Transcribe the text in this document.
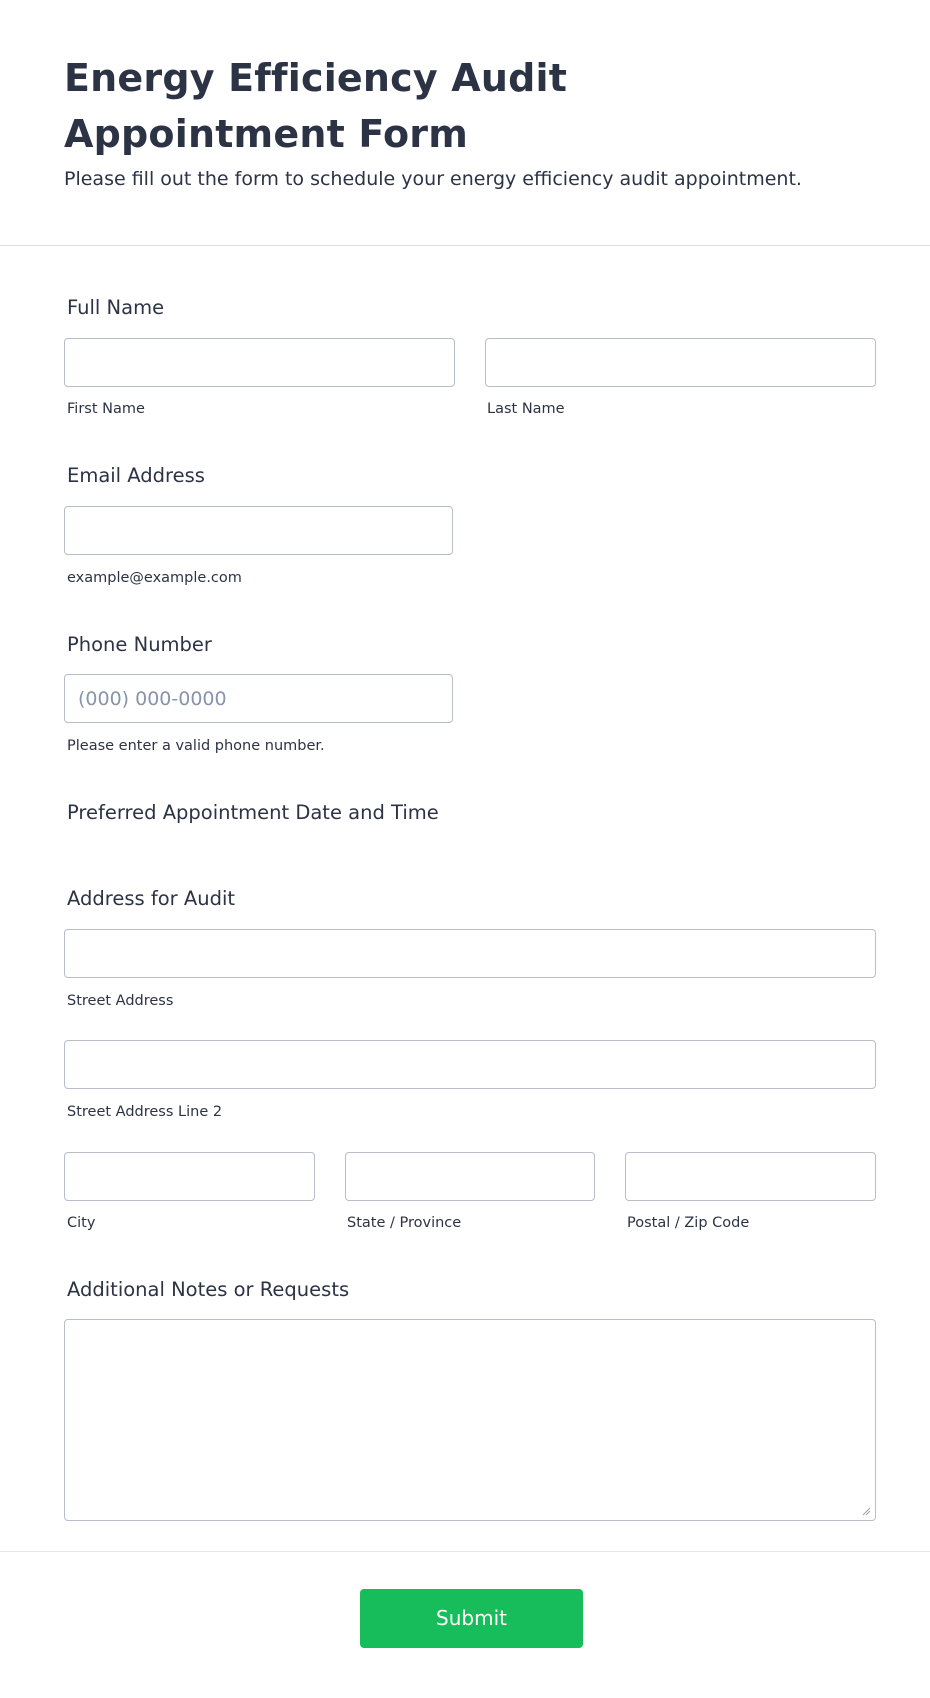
Energy Efficiency Audit Appointment Form
Please fill out the form to schedule your energy efficiency audit appointment.
Full Name
First Name	Last Name
Email Address
example@example.com
Phone Number
(000) 000-0000
Please enter a valid phone number.
Preferred Appointment Date and Time
Address for Audit
Street Address
Street Address Line 2
City	State / Province	Postal / Zip Code
Additional Notes or Requests
Submit
